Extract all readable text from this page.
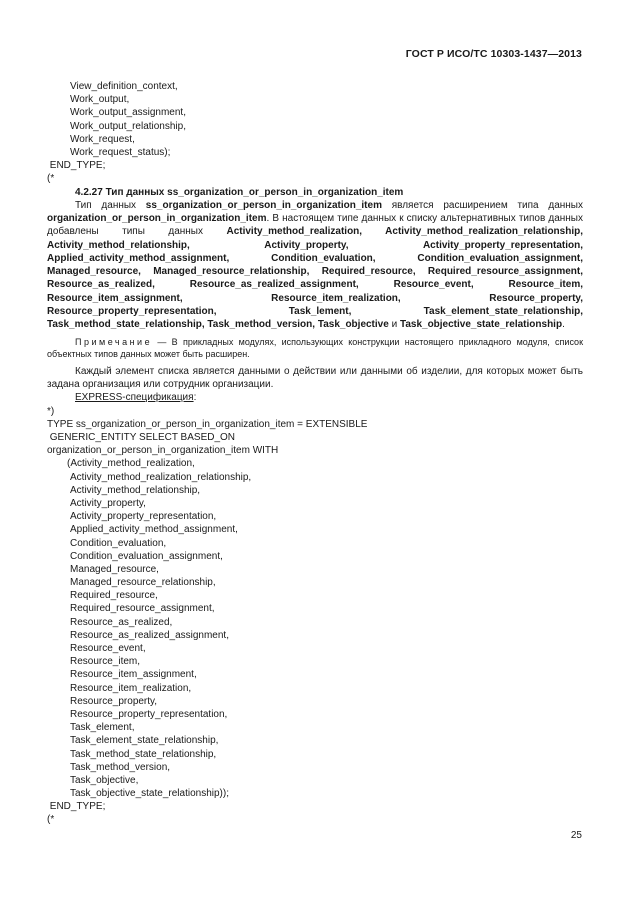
ГОСТ Р ИСО/ТС 10303-1437—2013
View_definition_context,
Work_output,
Work_output_assignment,
Work_output_relationship,
Work_request,
Work_request_status);
END_TYPE;
(*
4.2.27 Тип данных ss_organization_or_person_in_organization_item

Тип данных ss_organization_or_person_in_organization_item является расширением типа данных organization_or_person_in_organization_item. В настоящем типе данных к списку альтернативных типов данных добавлены типы данных Activity_method_realization, Activity_method_realization_relationship, Activity_method_relationship, Activity_property, Activity_property_representation, Applied_activity_method_assignment, Condition_evaluation, Condition_evaluation_assignment, Managed_resource, Managed_resource_relationship, Required_resource, Required_resource_assignment, Resource_as_realized, Resource_as_realized_assignment, Resource_event, Resource_item, Resource_item_assignment, Resource_item_realization, Resource_property, Resource_property_representation, Task_lement, Task_element_state_relationship, Task_method_state_relationship, Task_method_version, Task_objective и Task_objective_state_relationship.

Примечание — В прикладных модулях, использующих конструкции настоящего прикладного модуля, список объектных типов данных может быть расширен.

Каждый элемент списка является данными о действии или данными об изделии, для которых может быть задана организация или сотрудник организации.

EXPRESS-спецификация:
*)
TYPE ss_organization_or_person_in_organization_item = EXTENSIBLE
GENERIC_ENTITY SELECT BASED_ON
organization_or_person_in_organization_item WITH
(Activity_method_realization,
Activity_method_realization_relationship,
Activity_method_relationship,
Activity_property,
Activity_property_representation,
Applied_activity_method_assignment,
Condition_evaluation,
Condition_evaluation_assignment,
Managed_resource,
Managed_resource_relationship,
Required_resource,
Required_resource_assignment,
Resource_as_realized,
Resource_as_realized_assignment,
Resource_event,
Resource_item,
Resource_item_assignment,
Resource_item_realization,
Resource_property,
Resource_property_representation,
Task_element,
Task_element_state_relationship,
Task_method_state_relationship,
Task_method_version,
Task_objective,
Task_objective_state_relationship));
END_TYPE;
(*
25
